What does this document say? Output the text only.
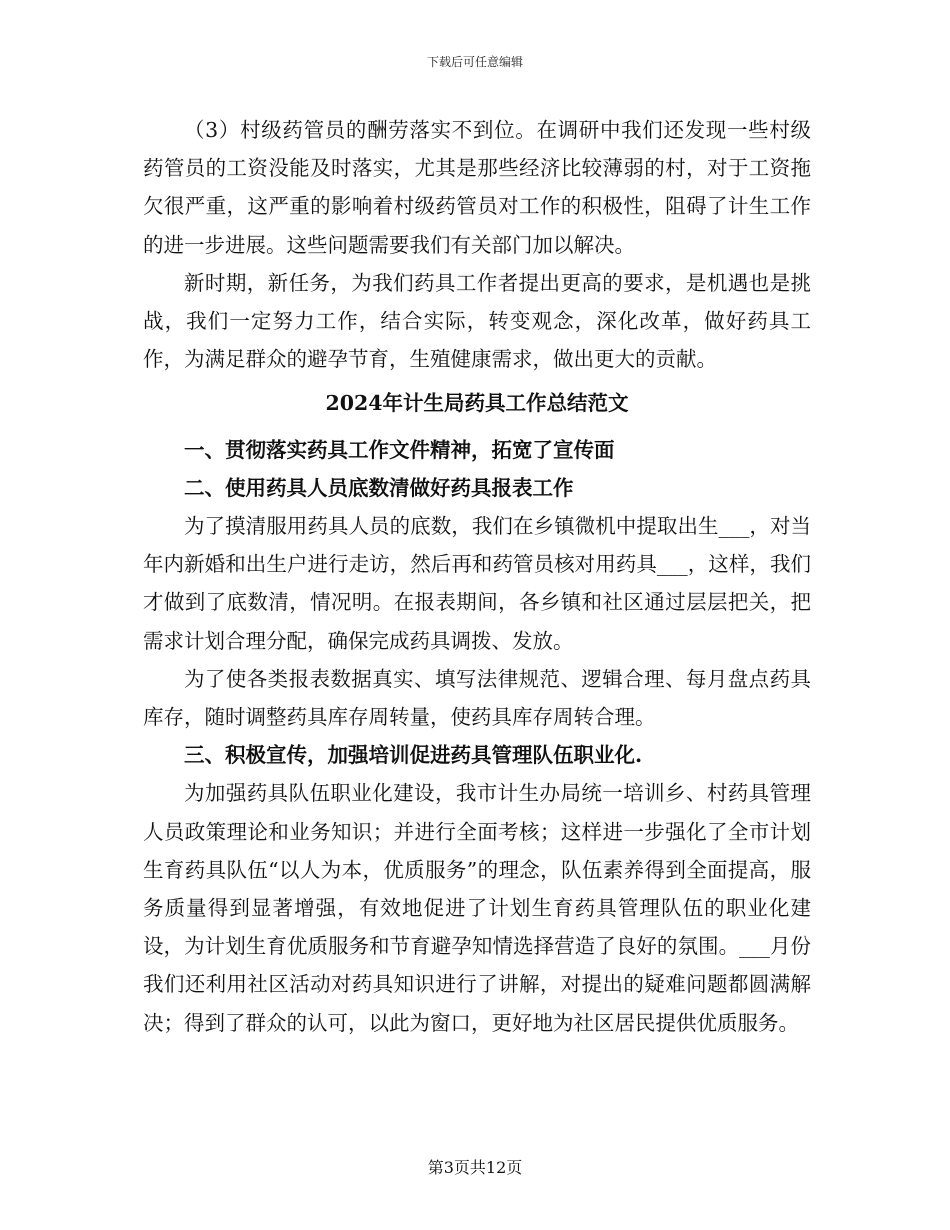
下载后可任意编辑

（3）村级药管员的酬劳落实不到位。在调研中我们还发现一些村级药管员的工资没能及时落实，尤其是那些经济比较薄弱的村，对于工资拖欠很严重，这严重的影响着村级药管员对工作的积极性，阻碍了计生工作的进一步进展。这些问题需要我们有关部门加以解决。

新时期，新任务，为我们药具工作者提出更高的要求，是机遇也是挑战，我们一定努力工作，结合实际，转变观念，深化改革，做好药具工作，为满足群众的避孕节育，生殖健康需求，做出更大的贡献。

2024年计生局药具工作总结范文

一、贯彻落实药具工作文件精神，拓宽了宣传面

二、使用药具人员底数清做好药具报表工作

为了摸清服用药具人员的底数，我们在乡镇微机中提取出生___，对当年内新婚和出生户进行走访，然后再和药管员核对用药具___，这样，我们才做到了底数清，情况明。在报表期间，各乡镇和社区通过层层把关，把需求计划合理分配，确保完成药具调拨、发放。

为了使各类报表数据真实、填写法律规范、逻辑合理、每月盘点药具库存，随时调整药具库存周转量，使药具库存周转合理。

三、积极宣传，加强培训促进药具管理队伍职业化.

为加强药具队伍职业化建设，我市计生办局统一培训乡、村药具管理人员政策理论和业务知识；并进行全面考核；这样进一步强化了全市计划生育药具队伍“以人为本，优质服务”的理念，队伍素养得到全面提高，服务质量得到显著增强，有效地促进了计划生育药具管理队伍的职业化建设，为计划生育优质服务和节育避孕知情选择营造了良好的氛围。___月份我们还利用社区活动对药具知识进行了讲解，对提出的疑难问题都圆满解决；得到了群众的认可，以此为窗口，更好地为社区居民提供优质服务。

第3页共12页
